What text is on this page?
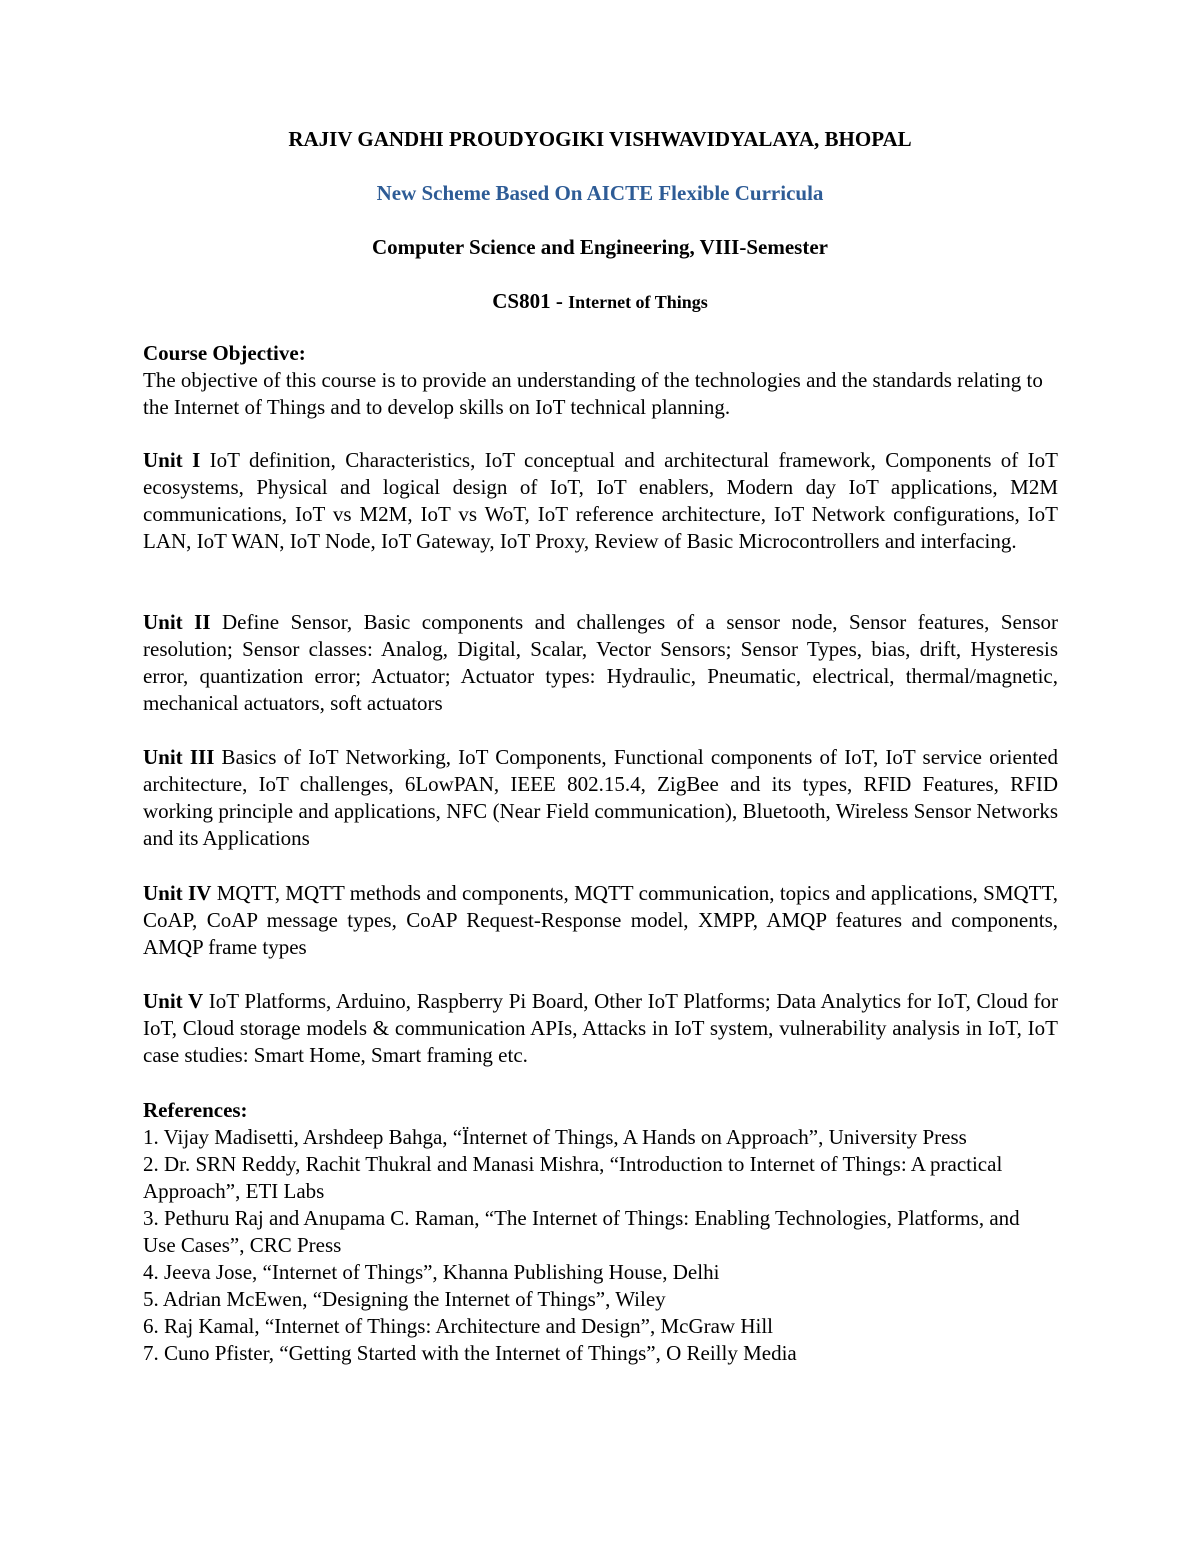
RAJIV GANDHI PROUDYOGIKI VISHWAVIDYALAYA, BHOPAL
New Scheme Based On AICTE Flexible Curricula
Computer Science and Engineering, VIII-Semester
CS801 - Internet of Things
Course Objective:
The objective of this course is to provide an understanding of the technologies and the standards relating to the Internet of Things and to develop skills on IoT technical planning.
Unit I IoT definition, Characteristics, IoT conceptual and architectural framework, Components of IoT ecosystems, Physical and logical design of IoT, IoT enablers, Modern day IoT applications, M2M communications, IoT vs M2M, IoT vs WoT, IoT reference architecture, IoT Network configurations, IoT LAN, IoT WAN, IoT Node, IoT Gateway, IoT Proxy, Review of Basic Microcontrollers and interfacing.
Unit II Define Sensor, Basic components and challenges of a sensor node, Sensor features, Sensor resolution; Sensor classes: Analog, Digital, Scalar, Vector Sensors; Sensor Types, bias, drift, Hysteresis error, quantization error; Actuator; Actuator types: Hydraulic, Pneumatic, electrical, thermal/magnetic, mechanical actuators, soft actuators
Unit III Basics of IoT Networking, IoT Components, Functional components of IoT, IoT service oriented architecture, IoT challenges, 6LowPAN, IEEE 802.15.4, ZigBee and its types, RFID Features, RFID working principle and applications, NFC (Near Field communication), Bluetooth, Wireless Sensor Networks and its Applications
Unit IV MQTT, MQTT methods and components, MQTT communication, topics and applications, SMQTT, CoAP, CoAP message types, CoAP Request-Response model, XMPP, AMQP features and components, AMQP frame types
Unit V IoT Platforms, Arduino, Raspberry Pi Board, Other IoT Platforms; Data Analytics for IoT, Cloud for IoT, Cloud storage models & communication APIs, Attacks in IoT system, vulnerability analysis in IoT, IoT case studies: Smart Home, Smart framing etc.
References:
1. Vijay Madisetti, Arshdeep Bahga, “Ïnternet of Things, A Hands on Approach”, University Press
2. Dr. SRN Reddy, Rachit Thukral and Manasi Mishra, “Introduction to Internet of Things: A practical Approach”, ETI Labs
3. Pethuru Raj and Anupama C. Raman, “The Internet of Things: Enabling Technologies, Platforms, and Use Cases”, CRC Press
4. Jeeva Jose, “Internet of Things”, Khanna Publishing House, Delhi
5. Adrian McEwen, “Designing the Internet of Things”, Wiley
6. Raj Kamal, “Internet of Things: Architecture and Design”, McGraw Hill
7. Cuno Pfister, “Getting Started with the Internet of Things”, O Reilly Media
